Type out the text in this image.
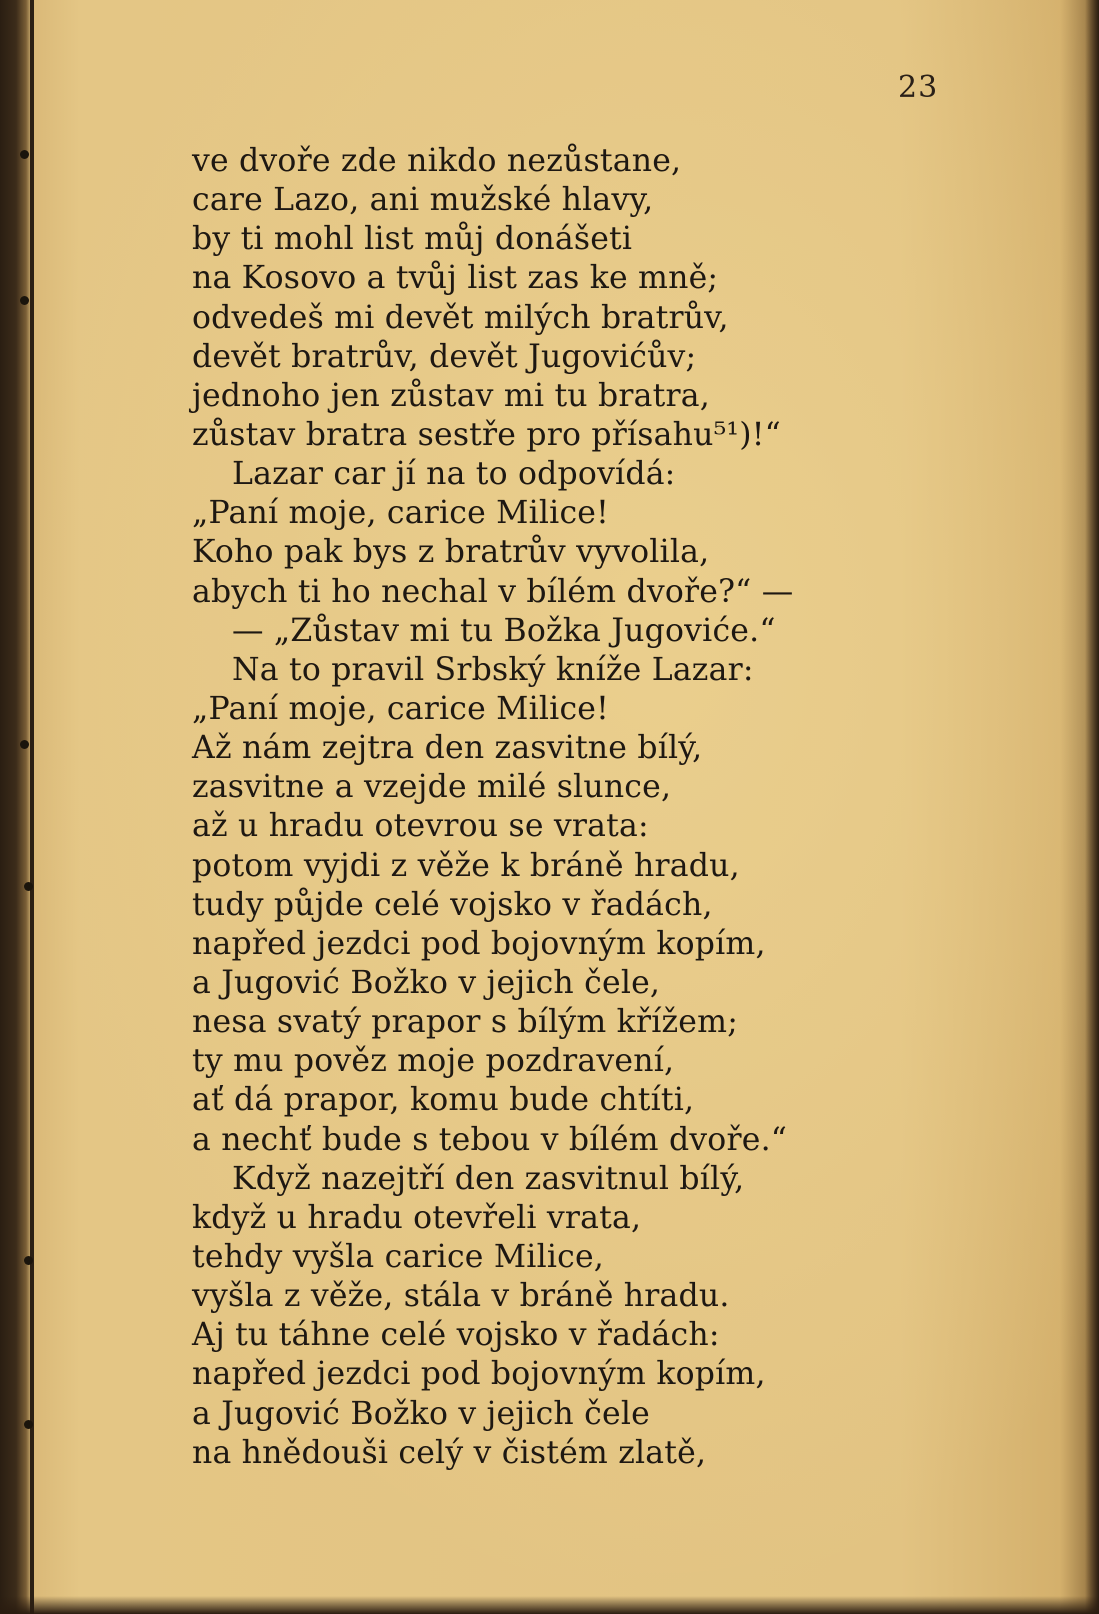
23
ve dvoře zde nikdo nezůstane,
care Lazo, ani mužské hlavy,
by ti mohl list můj donášeti
na Kosovo a tvůj list zas ke mně;
odvedeš mi devět milých bratrův,
devět bratrův, devět Jugovićův;
jednoho jen zůstav mi tu bratra,
zůstav bratra sestře pro přísahu⁵¹)!“
Lazar car jí na to odpovídá:
„Paní moje, carice Milice!
Koho pak bys z bratrův vyvolila,
abych ti ho nechal v bílém dvoře?“ —
— „Zůstav mi tu Božka Jugoviće.“
Na to pravil Srbský kníže Lazar:
„Paní moje, carice Milice!
Až nám zejtra den zasvitne bílý,
zasvitne a vzejde milé slunce,
až u hradu otevrou se vrata:
potom vyjdi z věže k bráně hradu,
tudy půjde celé vojsko v řadách,
napřed jezdci pod bojovným kopím,
a Jugović Božko v jejich čele,
nesa svatý prapor s bílým křížem;
ty mu pověz moje pozdravení,
ať dá prapor, komu bude chtíti,
a nechť bude s tebou v bílém dvoře.“
Když nazejtří den zasvitnul bílý,
když u hradu otevřeli vrata,
tehdy vyšla carice Milice,
vyšla z věže, stála v bráně hradu.
Aj tu táhne celé vojsko v řadách:
napřed jezdci pod bojovným kopím,
a Jugović Božko v jejich čele
na hnědouši celý v čistém zlatě,
